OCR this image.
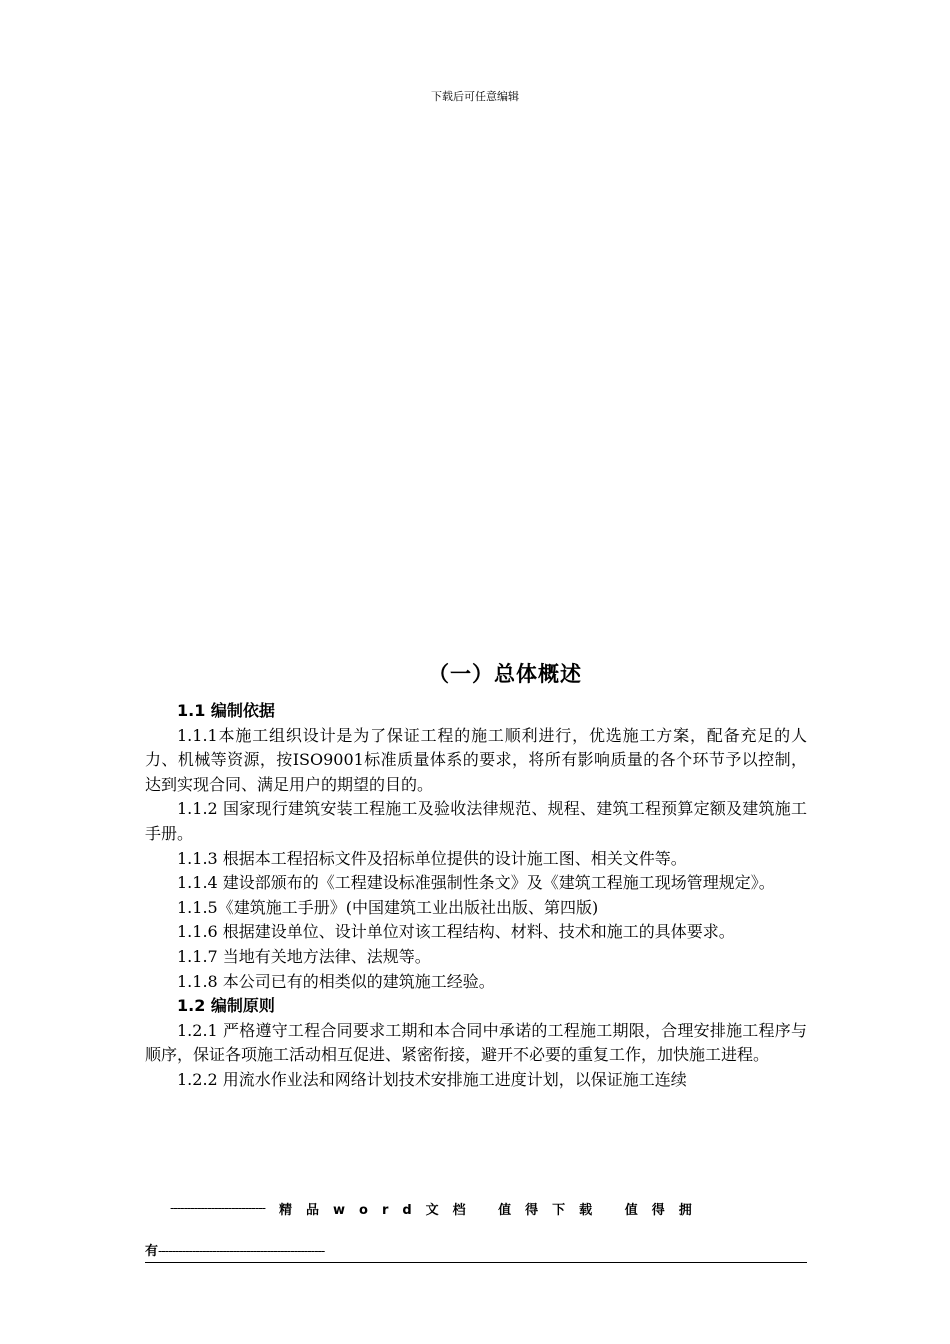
下载后可任意编辑
（一）总体概述

1.1 编制依据

1.1.1本施工组织设计是为了保证工程的施工顺利进行，优选施工方案，配备充足的人力、机械等资源，按ISO9001标准质量体系的要求，将所有影响质量的各个环节予以控制，达到实现合同、满足用户的期望的目的。

1.1.2 国家现行建筑安装工程施工及验收法律规范、规程、建筑工程预算定额及建筑施工手册。

1.1.3 根据本工程招标文件及招标单位提供的设计施工图、相关文件等。

1.1.4 建设部颁布的《工程建设标准强制性条文》及《建筑工程施工现场管理规定》。

1.1.5《建筑施工手册》(中国建筑工业出版社出版、第四版)

1.1.6 根据建设单位、设计单位对该工程结构、材料、技术和施工的具体要求。

1.1.7 当地有关地方法律、法规等。

1.1.8 本公司已有的相类似的建筑施工经验。

1.2 编制原则

1.2.1 严格遵守工程合同要求工期和本合同中承诺的工程施工期限，合理安排施工程序与顺序，保证各项施工活动相互促进、紧密衔接，避开不必要的重复工作，加快施工进程。

1.2.2 用流水作业法和网络计划技术安排施工进度计划，以保证施工连续

---------------------------- 精品word文档 值得下载 值得拥
有-------------------------------------------------
